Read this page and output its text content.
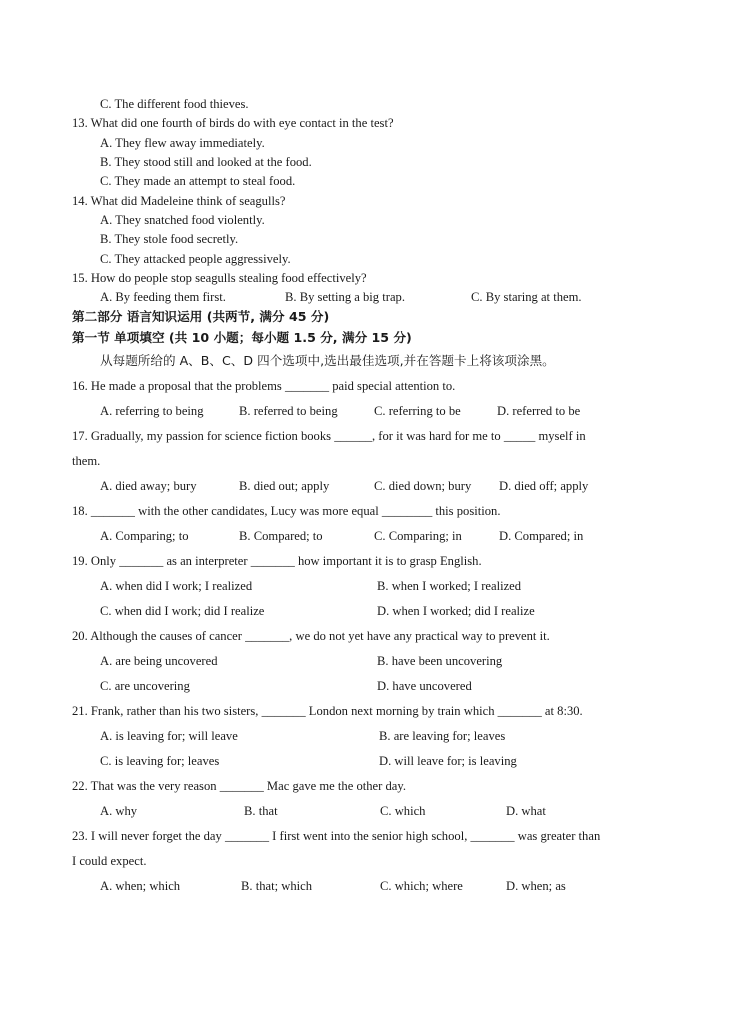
C. The different food thieves.
13. What did one fourth of birds do with eye contact in the test?
A. They flew away immediately.
B. They stood still and looked at the food.
C. They made an attempt to steal food.
14. What did Madeleine think of seagulls?
A. They snatched food violently.
B. They stole food secretly.
C. They attacked people aggressively.
15. How do people stop seagulls stealing food effectively?
A. By feeding them first.	B. By setting a big trap.	C. By staring at them.
第二部分 语言知识运用 (共两节, 满分 45 分)
第一节 单项填空 (共 10 小题；每小题 1.5 分, 满分 15 分)
从每题所给的 A、B、C、D 四个选项中,选出最佳选项,并在答题卡上将该项涂黑。
16. He made a proposal that the problems _______ paid special attention to.
A. referring to being	B. referred to being	C. referring to be	D. referred to be
17. Gradually, my passion for science fiction books ______, for it was hard for me to _____ myself in
them.
A. died away; bury	B. died out; apply	C. died down; bury D. died off; apply
18. _______ with the other candidates, Lucy was more equal ________ this position.
A. Comparing; to	B. Compared; to	C. Comparing; in	D. Compared; in
19. Only _______ as an interpreter _______ how important it is to grasp English.
A. when did I work; I realized	B. when I worked; I realized
C. when did I work; did I realize	D. when I worked; did I realize
20. Although the causes of cancer _______, we do not yet have any practical way to prevent it.
A. are being uncovered	B. have been uncovering
C. are uncovering	D. have uncovered
21. Frank, rather than his two sisters, _______ London next morning by train which _______ at 8:30.
A. is leaving for; will leave	B. are leaving for; leaves
C. is leaving for; leaves	D. will leave for; is leaving
22. That was the very reason _______ Mac gave me the other day.
A. why	B. that	C. which	D. what
23. I will never forget the day _______ I first went into the senior high school, _______ was greater than
I could expect.
A. when; which	B. that; which	C. which; where	D. when; as
